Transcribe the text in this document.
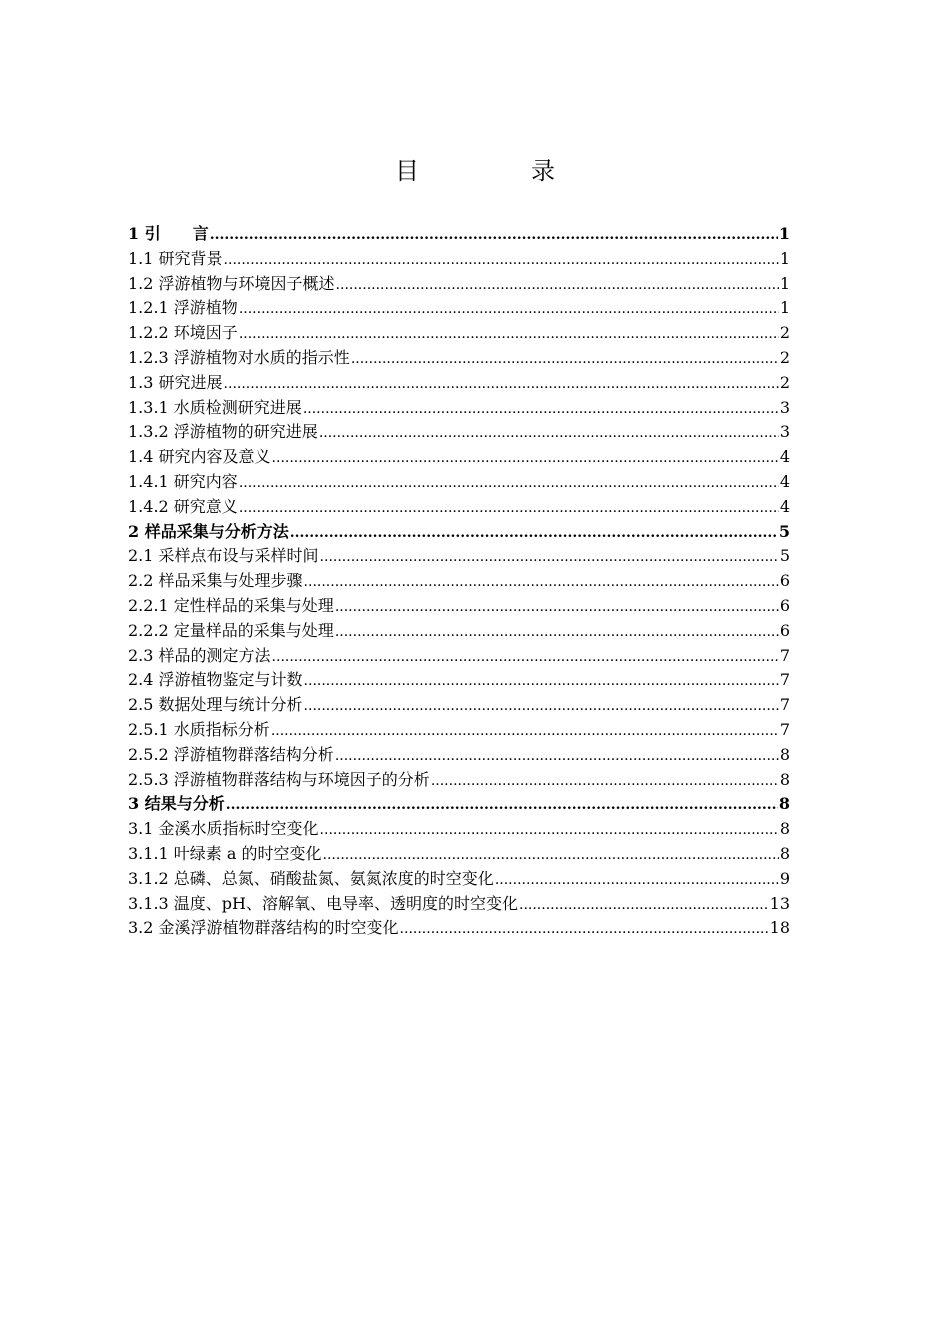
目　录
1 引　　言 .....	1
1.1 研究背景 .....	1
1.2 浮游植物与环境因子概述 .....	1
1.2.1 浮游植物 .....	1
1.2.2 环境因子 .....	2
1.2.3 浮游植物对水质的指示性 .....	2
1.3 研究进展 .....	2
1.3.1 水质检测研究进展 .....	3
1.3.2 浮游植物的研究进展 .....	3
1.4 研究内容及意义 .....	4
1.4.1 研究内容 .....	4
1.4.2 研究意义 .....	4
2 样品采集与分析方法 .....	5
2.1 采样点布设与采样时间 .....	5
2.2 样品采集与处理步骤 .....	6
2.2.1 定性样品的采集与处理 .....	6
2.2.2 定量样品的采集与处理 .....	6
2.3 样品的测定方法 .....	7
2.4 浮游植物鉴定与计数 .....	7
2.5 数据处理与统计分析 .....	7
2.5.1 水质指标分析 .....	7
2.5.2 浮游植物群落结构分析 .....	8
2.5.3 浮游植物群落结构与环境因子的分析 .....	8
3 结果与分析 .....	8
3.1 金溪水质指标时空变化 .....	8
3.1.1 叶绿素 a 的时空变化 .....	8
3.1.2 总磷、总氮、硝酸盐氮、氨氮浓度的时空变化 .....	9
3.1.3 温度、pH、溶解氧、电导率、透明度的时空变化 .....	13
3.2 金溪浮游植物群落结构的时空变化 .....	18
